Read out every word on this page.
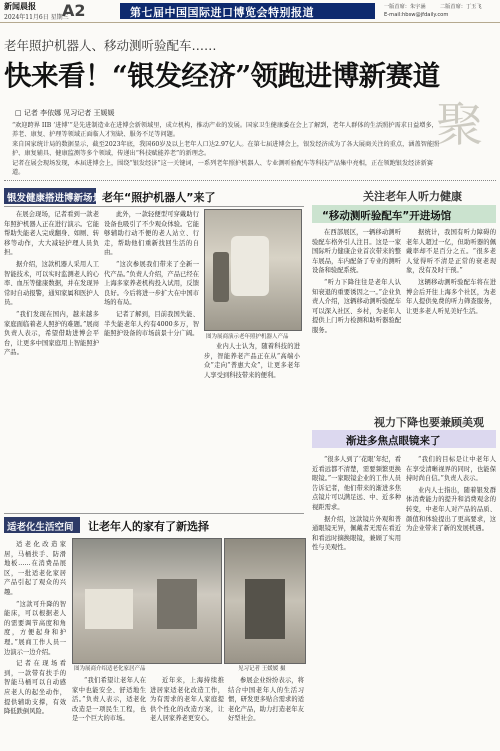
新闻晨报
2024年11月6日 星期三
A2	第七届中国国际进口博览会特别报道	一版首席：朱宇涵	二版首席：丁玉飞
E-mail:hbsw@jfdaily.com
老年照护机器人、移动测听验配车……
快来看！“银发经济”领跑进博新赛道
聚
□ 记者 李依娜 见习记者 王媛媛
“欢迎跨界 IIB ‘进博’”是先进制造业在进博会新领域里，成立机构，推动产业的发展。国家卫生健康委在会上了解到，老年人群体的生活照护需求日益增多，养老、康复、护理等领域正面临人才短缺、服务不足等问题。
来自国家统计局的数据显示，截至2023年底，我国60岁及以上老年人口达2.97亿人。在第七届进博会上，银发经济成为了各大展商关注的重点，涵盖智能照护、康复辅具、健康监测等多个领域，传递出“科技赋能养老”的新理念。
记者在展会现场发现，本届进博会上，围绕“银发经济”这一关键词，一系列老年照护机器人、专业测听验配车等科技产品集中亮相，正在领跑银发经济新赛道。
银发健康搭进博新场景 老年“照护机器人”来了

在展会现场，记者看到一款老年照护机器人正在进行演示。它能帮助失能老人完成翻身、如厕、转移等动作，大大减轻护理人员负担。

据介绍，这款机器人采用人工智能技术，可以实时监测老人的心率、血压等健康数据，并在发现异常时自动报警，通知家属和医护人员。

“我们发现在国内，越来越多家庭面临着老人照护的难题。”展商负责人表示，希望借助进博会平台，让更多中国家庭用上智能照护产品。

此外，一款轻便型可穿戴助行设备也吸引了不少观众体验。它能够辅助行动不便的老人站立、行走，帮助他们重新找回生活的自由。

“这次参展我们带来了全新一代产品。”负责人介绍，产品已经在上海多家养老机构投入试用，反馈良好。今后将进一步扩大在中国市场的布局。

记者了解到，目前我国失能、半失能老年人约有4000多万，智能照护设备的市场前景十分广阔。 图为展商演示老年照护机器人产品

业内人士认为，随着科技的进步，智能养老产品正在从“高端小众”走向“普惠大众”，让更多老年人享受到科技带来的便利。

关注老年人听力健康
“移动测听验配车”开进场馆

在西部展区，一辆移动测听验配车格外引人注目。这是一家国际听力健康企业首次带来的整车展品，车内配备了专业的测听设备和验配系统。

“听力下降往往是老年人认知衰退的重要诱因之一。”企业负责人介绍，这辆移动测听验配车可以深入社区、乡村，为老年人提供上门听力检测和助听器验配服务。

据统计，我国有听力障碍的老年人超过一亿，但助听器的佩戴率却不足百分之五。“很多老人觉得听不清是正常的衰老现象，没有及时干预。”

这辆移动测听验配车将在进博会后开往上海多个社区，为老年人提供免费的听力筛查服务，让更多老人听见美好生活。

适老化生活空间 让老年人的家有了新选择

适老化改造家居，马桶扶手、防滑地板……在消费品展区，一批适老化家居产品引起了观众的兴趣。

“这款可升降的智能床，可以根据老人的需要调节高度和角度，方便起身和护理。”展商工作人员一边演示一边介绍。

记者在现场看到，一款带有扶手的智能马桶可以自动感应老人的起坐动作，提供辅助支撑，有效降低跌倒风险。

图为展商介绍适老化家居产品	见习记者 王媛媛 摄

“我们希望让老年人在家中也能安全、舒适地生活。”负责人表示，适老化改造是一项民生工程，也是一个巨大的市场。

近年来，上海持续推进居家适老化改造工作，为有需求的老年人家庭提供个性化的改造方案，让老人居家养老更安心。

参展企业纷纷表示，将结合中国老年人的生活习惯，研发更多贴合需求的适老化产品，助力打造老年友好型社会。

视力下降也要兼顾美观
渐进多焦点眼镜来了

“很多人到了‘花眼’年纪，看近看远都不清楚，需要频繁更换眼镜。”一家眼镜企业的工作人员告诉记者，他们带来的渐进多焦点镜片可以满足远、中、近多种视距需求。

据介绍，这款镜片外观和普通眼镜无异，佩戴者无需在看近和看远时摘换眼镜，兼顾了实用性与美观性。

“我们的目标是让中老年人在享受清晰视界的同时，也能保持时尚自信。”负责人表示。

业内人士指出，随着银发群体消费能力的提升和消费观念的转变，中老年人对产品的品质、颜值和体验提出了更高要求，这为企业带来了新的发展机遇。
